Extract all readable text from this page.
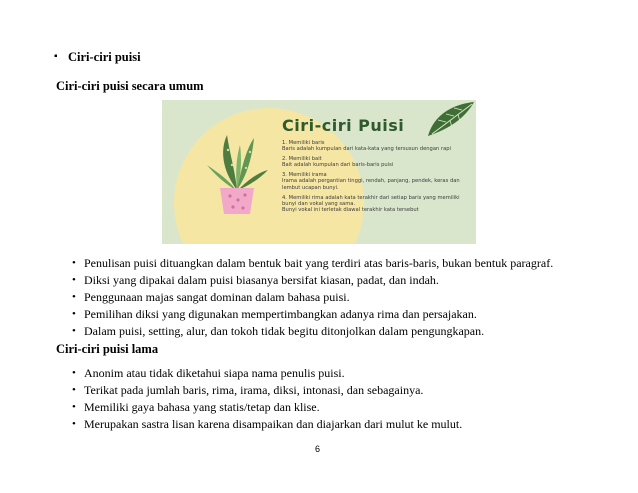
▪ Ciri-ciri puisi
Ciri-ciri puisi secara umum
Ciri-ciri Puisi

1. Memiliki baris
Baris adalah kumpulan dari kata-kata yang tersusun dengan rapi

2. Memiliki bait
Bait adalah kumpulan dari baris-baris puisi

3. Memiliki irama
Irama adalah pergantian tinggi, rendah, panjang, pendek, keras dan lembut ucapan bunyi.

4. Memiliki rima adalah kata terakhir dari setiap baris yang memiliki bunyi dan vokal yang sama.
Bunyi vokal ini terletak diawal terakhir kata tersebut

• Penulisan puisi dituangkan dalam bentuk bait yang terdiri atas baris-baris, bukan bentuk paragraf.
• Diksi yang dipakai dalam puisi biasanya bersifat kiasan, padat, dan indah.
• Penggunaan majas sangat dominan dalam bahasa puisi.
• Pemilihan diksi yang digunakan mempertimbangkan adanya rima dan persajakan.
• Dalam puisi, setting, alur, dan tokoh tidak begitu ditonjolkan dalam pengungkapan.
Ciri-ciri puisi lama
• Anonim atau tidak diketahui siapa nama penulis puisi.
• Terikat pada jumlah baris, rima, irama, diksi, intonasi, dan sebagainya.
• Memiliki gaya bahasa yang statis/tetap dan klise.
• Merupakan sastra lisan karena disampaikan dan diajarkan dari mulut ke mulut.
6
